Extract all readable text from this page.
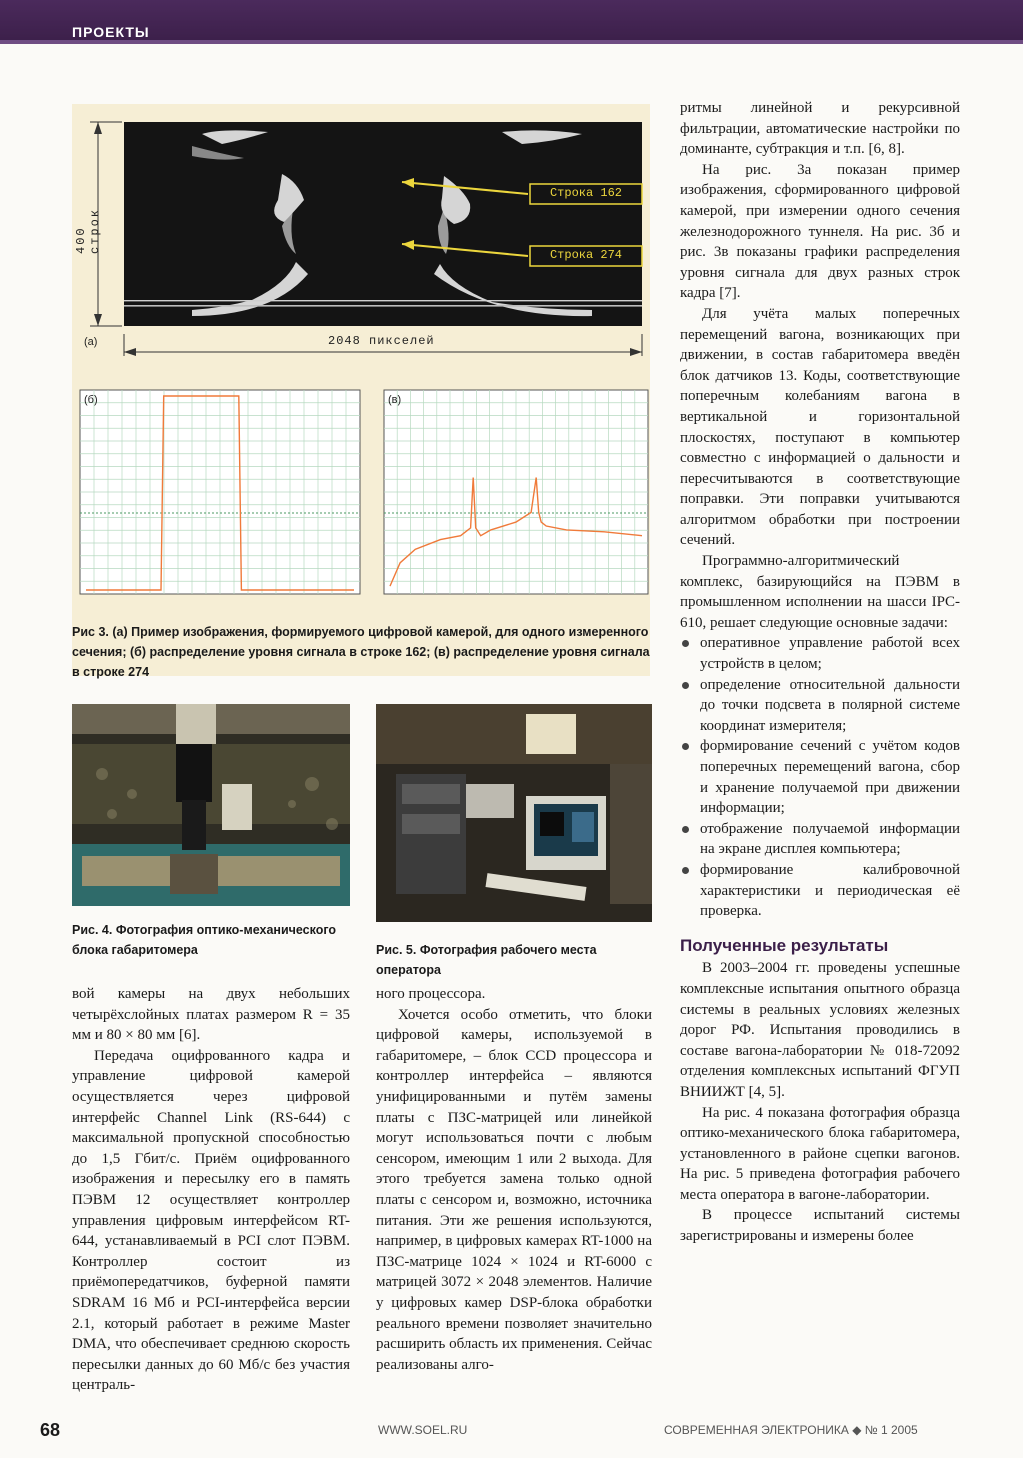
ПРОЕКТЫ
400 строк
(а)	2048 пикселей
Строка 162
Строка 274
(б)	(в)
Рис 3. (а) Пример изображения, формируемого цифровой камерой, для одного измеренного сечения; (б) распределение уровня сигнала в строке 162; (в) распределение уровня сигнала в строке 274
Рис. 4. Фотография оптико-механического блока габаритомера	Рис. 5. Фотография рабочего места оператора

вой камеры на двух небольших четырёхслойных платах размером R = 35 мм и 80 × 80 мм [6].

Передача оцифрованного кадра и управление цифровой камерой осуществляется через цифровой интерфейс Channel Link (RS-644) с максимальной пропускной способностью до 1,5 Гбит/с. Приём оцифрованного изображения и пересылку его в память ПЭВМ 12 осуществляет контроллер управления цифровым интерфейсом RT-644, устанавливаемый в PCI слот ПЭВМ. Контроллер состоит из приёмопередатчиков, буферной памяти SDRAM 16 Мб и PCI-интерфейса версии 2.1, который работает в режиме Master DMA, что обеспечивает среднюю скорость пересылки данных до 60 Мб/с без участия централь-

ного процессора.

Хочется особо отметить, что блоки цифровой камеры, используемой в габаритомере, – блок CCD процессора и контроллер интерфейса – являются унифицированными и путём замены платы с ПЗС-матрицей или линейкой могут использоваться почти с любым сенсором, имеющим 1 или 2 выхода. Для этого требуется замена только одной платы с сенсором и, возможно, источника питания. Эти же решения используются, например, в цифровых камерах RT-1000 на ПЗС-матрице 1024 × 1024 и RT-6000 с матрицей 3072 × 2048 элементов. Наличие у цифровых камер DSP-блока обработки реального времени позволяет значительно расширить область их применения. Сейчас реализованы алго-

ритмы линейной и рекурсивной фильтрации, автоматические настройки по доминанте, субтракция и т.п. [6, 8].

На рис. 3а показан пример изображения, сформированного цифровой камерой, при измерении одного сечения железнодорожного туннеля. На рис. 3б и рис. 3в показаны графики распределения уровня сигнала для двух разных строк кадра [7].

Для учёта малых поперечных перемещений вагона, возникающих при движении, в состав габаритомера введён блок датчиков 13. Коды, соответствующие поперечным колебаниям вагона в вертикальной и горизонтальной плоскостях, поступают в компьютер совместно с информацией о дальности и пересчитываются в соответствующие поправки. Эти поправки учитываются алгоритмом обработки при построении сечений.

Программно-алгоритмический комплекс, базирующийся на ПЭВМ в промышленном исполнении на шасси IPC-610, решает следующие основные задачи:

оперативное управление работой всех устройств в целом;
определение относительной дальности до точки подсвета в полярной системе координат измерителя;
формирование сечений с учётом кодов поперечных перемещений вагона, сбор и хранение получаемой при движении информации;
отображение получаемой информации на экране дисплея компьютера;
формирование калибровочной характеристики и периодическая её проверка.
Полученные результаты

В 2003–2004 гг. проведены успешные комплексные испытания опытного образца системы в реальных условиях железных дорог РФ. Испытания проводились в составе вагона-лаборатории № 018-72092 отделения комплексных испытаний ФГУП ВНИИЖТ [4, 5].

На рис. 4 показана фотография образца оптико-механического блока габаритомера, установленного в районе сцепки вагонов. На рис. 5 приведена фотография рабочего места оператора в вагоне-лаборатории.

В процессе испытаний системы зарегистрированы и измерены более

68	WWW.SOEL.RU	СОВРЕМЕННАЯ ЭЛЕКТРОНИКА ◆ № 1 2005
